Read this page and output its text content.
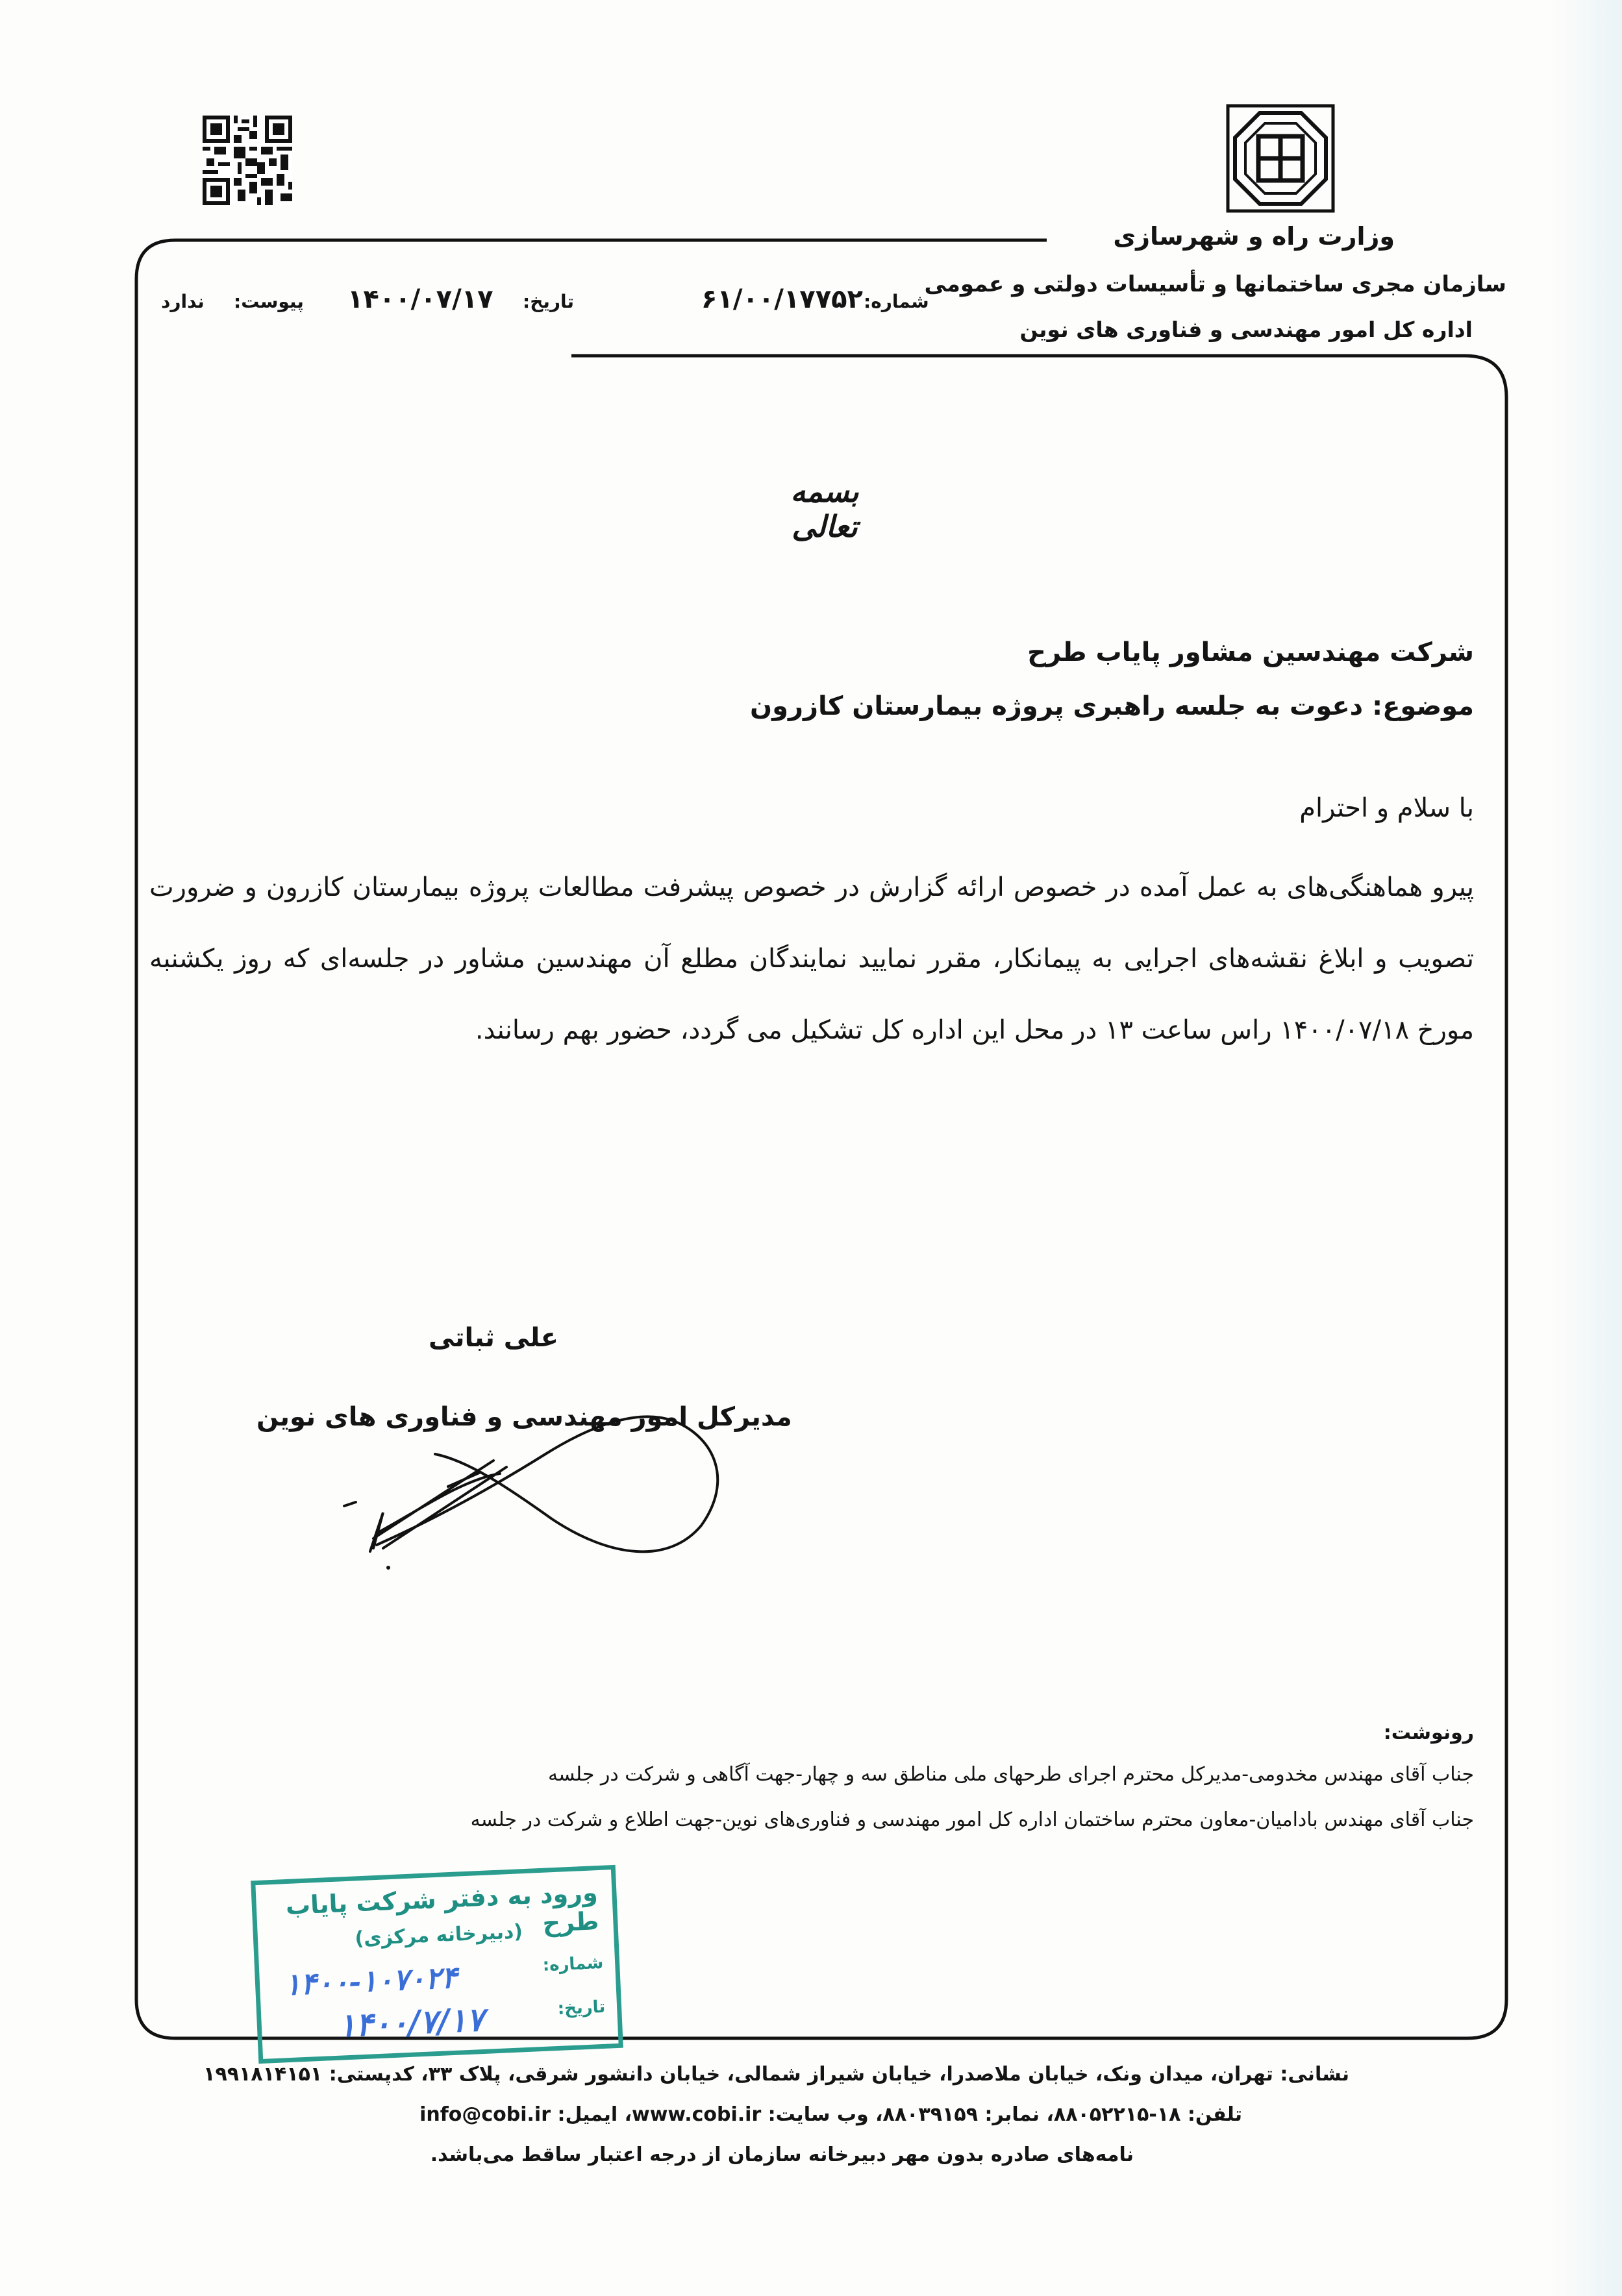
وزارت راه و شهرسازی
سازمان مجری ساختمانها و تأسیسات دولتی و عمومی
اداره کل امور مهندسی و فناوری های نوین
شماره:
۶۱/۰۰/۱۷۷۵۲
تاریخ:
۱۴۰۰/۰۷/۱۷
پیوست:
ندارد
بسمه تعالی
شرکت مهندسین مشاور پایاب طرح
موضوع: دعوت به جلسه راهبری پروژه بیمارستان کازرون
با سلام و احترام
پیرو هماهنگی‌های به عمل آمده در خصوص ارائه گزارش در خصوص پیشرفت مطالعات پروژه بیمارستان کازرون و ضرورت تصویب و ابلاغ نقشه‌های اجرایی به پیمانکار، مقرر نمایید نمایندگان مطلع آن مهندسین مشاور در جلسه‌ای که روز یکشنبه مورخ ۱۴۰۰/۰۷/۱۸ راس ساعت ۱۳ در محل این اداره کل تشکیل می گردد، حضور بهم رسانند.
علی ثباتی
مدیرکل امور مهندسی و فناوری های نوین
رونوشت:
جناب آقای مهندس مخدومی-مدیرکل محترم اجرای طرحهای ملی مناطق سه و چهار-جهت آگاهی و شرکت در جلسه
جناب آقای مهندس بادامیان-معاون محترم ساختمان اداره کل امور مهندسی و فناوری‌های نوین-جهت اطلاع و شرکت در جلسه
ورود به دفتر شرکت پایاب طرح
(دبیرخانه مرکزی)
شماره:
۱۴۰۰-۱۰۷۰۲۴
تاریخ:
۱۴۰۰/۷/۱۷
نشانی: تهران، میدان ونک، خیابان ملاصدرا، خیابان شیراز شمالی، خیابان دانشور شرقی، پلاک ۳۳، کدپستی: ۱۹۹۱۸۱۴۱۵۱
تلفن: ۱۸-۸۸۰۵۲۲۱۵، نمابر: ۸۸۰۳۹۱۵۹، وب سایت: www.cobi.ir، ایمیل: info@cobi.ir
نامه‌های صادره بدون مهر دبیرخانه سازمان از درجه اعتبار ساقط می‌باشد.
